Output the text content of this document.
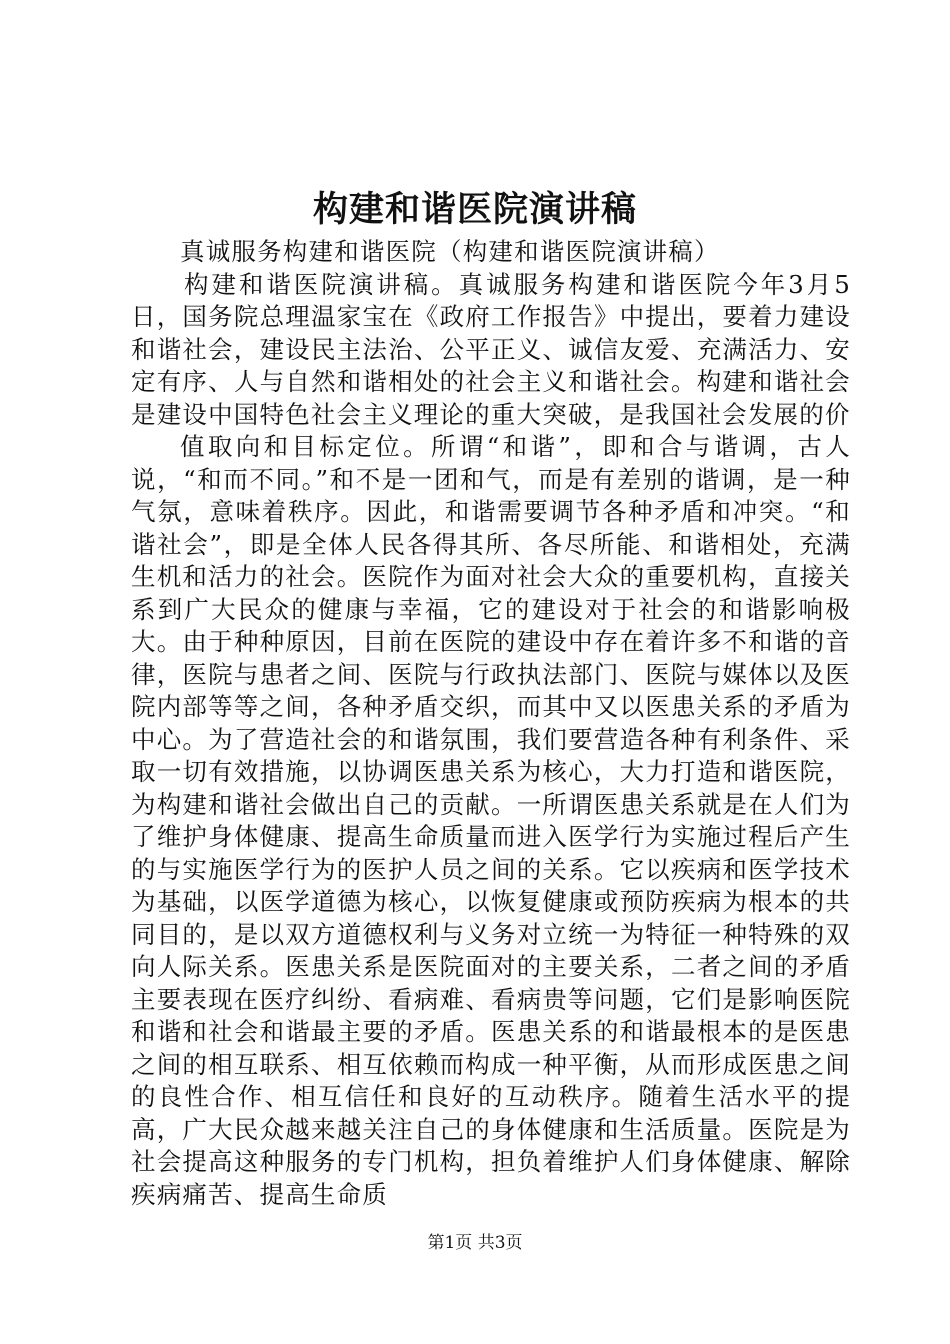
构建和谐医院演讲稿

真诚服务构建和谐医院（构建和谐医院演讲稿）

构建和谐医院演讲稿。真诚服务构建和谐医院今年3月5日，国务院总理温家宝在《政府工作报告》中提出，要着力建设和谐社会，建设民主法治、公平正义、诚信友爱、充满活力、安定有序、人与自然和谐相处的社会主义和谐社会。构建和谐社会是建设中国特色社会主义理论的重大突破，是我国社会发展的价

值取向和目标定位。所谓“和谐”，即和合与谐调，古人说，“和而不同。”和不是一团和气，而是有差别的谐调，是一种气氛，意味着秩序。因此，和谐需要调节各种矛盾和冲突。“和谐社会”，即是全体人民各得其所、各尽所能、和谐相处，充满生机和活力的社会。医院作为面对社会大众的重要机构，直接关系到广大民众的健康与幸福，它的建设对于社会的和谐影响极大。由于种种原因，目前在医院的建设中存在着许多不和谐的音律，医院与患者之间、医院与行政执法部门、医院与媒体以及医院内部等等之间，各种矛盾交织，而其中又以医患关系的矛盾为中心。为了营造社会的和谐氛围，我们要营造各种有利条件、采取一切有效措施，以协调医患关系为核心，大力打造和谐医院，为构建和谐社会做出自己的贡献。一所谓医患关系就是在人们为了维护身体健康、提高生命质量而进入医学行为实施过程后产生的与实施医学行为的医护人员之间的关系。它以疾病和医学技术为基础，以医学道德为核心，以恢复健康或预防疾病为根本的共同目的，是以双方道德权利与义务对立统一为特征一种特殊的双向人际关系。医患关系是医院面对的主要关系，二者之间的矛盾主要表现在医疗纠纷、看病难、看病贵等问题，它们是影响医院和谐和社会和谐最主要的矛盾。医患关系的和谐最根本的是医患之间的相互联系、相互依赖而构成一种平衡，从而形成医患之间的良性合作、相互信任和良好的互动秩序。随着生活水平的提高，广大民众越来越关注自己的身体健康和生活质量。医院是为社会提高这种服务的专门机构，担负着维护人们身体健康、解除疾病痛苦、提高生命质

第1页 共3页
